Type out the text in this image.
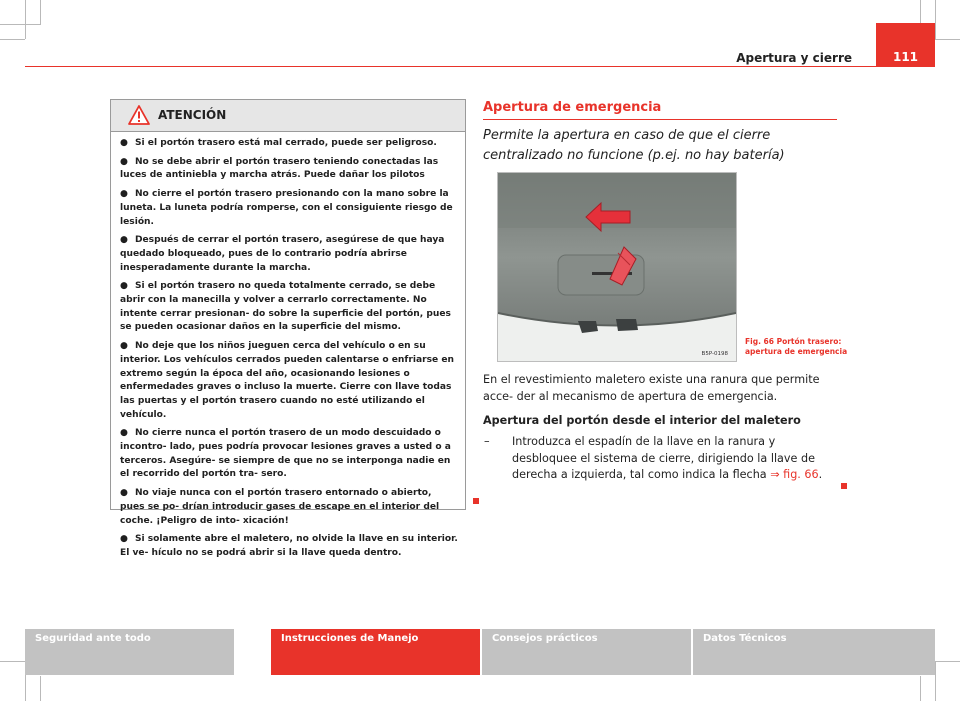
Apertura y cierre	111
ATENCIÓN
● Si el portón trasero está mal cerrado, puede ser peligroso.
● No se debe abrir el portón trasero teniendo conectadas las luces de antiniebla y marcha atrás. Puede dañar los pilotos
● No cierre el portón trasero presionando con la mano sobre la luneta. La luneta podría romperse, con el consiguiente riesgo de lesión.
● Después de cerrar el portón trasero, asegúrese de que haya quedado bloqueado, pues de lo contrario podría abrirse inesperadamente durante la marcha.
● Si el portón trasero no queda totalmente cerrado, se debe abrir con la manecilla y volver a cerrarlo correctamente. No intente cerrar presionan- do sobre la superficie del portón, pues se pueden ocasionar daños en la superficie del mismo.
● No deje que los niños jueguen cerca del vehículo o en su interior. Los vehículos cerrados pueden calentarse o enfriarse en extremo según la época del año, ocasionando lesiones o enfermedades graves o incluso la muerte. Cierre con llave todas las puertas y el portón trasero cuando no esté utilizando el vehículo.
● No cierre nunca el portón trasero de un modo descuidado o incontro- lado, pues podría provocar lesiones graves a usted o a terceros. Asegúre- se siempre de que no se interponga nadie en el recorrido del portón tra- sero.
● No viaje nunca con el portón trasero entornado o abierto, pues se po- drían introducir gases de escape en el interior del coche. ¡Peligro de into- xicación!
● Si solamente abre el maletero, no olvide la llave en su interior. El ve- hículo no se podrá abrir si la llave queda dentro.
Apertura de emergencia
Permite la apertura en caso de que el cierre centralizado no funcione (p.ej. no hay batería)
B5P-0198
Fig. 66 Portón trasero: apertura de emergencia
En el revestimiento maletero existe una ranura que permite acce- der al mecanismo de apertura de emergencia.
Apertura del portón desde el interior del maletero
– Introduzca el espadín de la llave en la ranura y desbloquee el sistema de cierre, dirigiendo la llave de derecha a izquierda, tal como indica la flecha ⇒ fig. 66.
Seguridad ante todo	Instrucciones de Manejo	Consejos prácticos	Datos Técnicos
